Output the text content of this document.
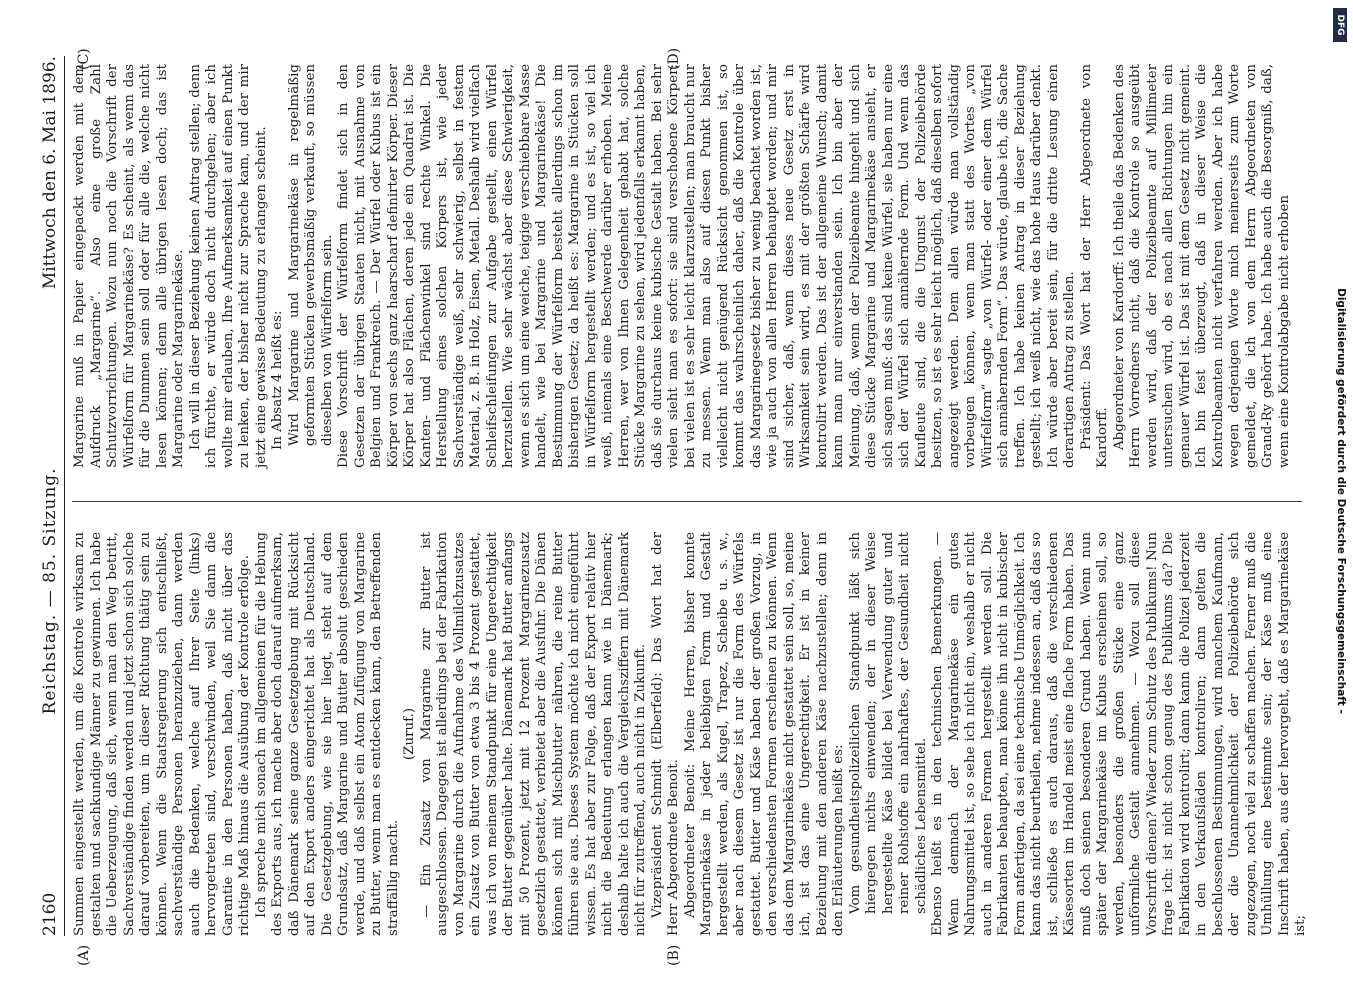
2160
Reichstag. — 85. Sitzung.
Mittwoch den 6. Mai 1896.
(A)	(B)
(C)	(D)

Summen eingestellt werden, um die Kontrole wirksam zu gestalten und sachkundige Männer zu gewinnen. Ich habe die Ueberzeugung, daß sich, wenn man den Weg betritt, Sachverständige finden werden und jetzt schon sich solche darauf vorbereiten, um in dieser Richtung thätig sein zu können. Wenn die Staatsregierung sich entschließt, sachverständige Personen heranzuziehen, dann werden auch die Bedenken, welche auf Ihrer Seite (links) hervorgetreten sind, verschwinden, weil Sie dann die Garantie in den Personen haben, daß nicht über das richtige Maß hinaus die Ausübung der Kontrole erfolge. Ich spreche mich sonach im allgemeinen für die Hebung des Exports aus, ich mache aber doch darauf aufmerksam, daß Dänemark seine ganze Gesetzgebung mit Rücksicht auf den Export anders eingerichtet hat als Deutschland. Die Gesetzgebung, wie sie hier liegt, steht auf dem Grundsatz, daß Margarine und Butter absolut geschieden werde, und daß selbst ein Atom Zufügung von Margarine zu Butter, wenn man es entdecken kann, den Betreffenden straffällig macht.

(Zuruf.) — Ein Zusatz von Margarine zur Butter ist ausgeschlossen. Dagegen ist allerdings bei der Fabrikation von Margarine durch die Aufnahme des Vollmilchzusatzes ein Zusatz von Butter von etwa 3 bis 4 Prozent gestattet, was ich von meinem Standpunkt für eine Ungerechtigkeit der Butter gegenüber halte. Dänemark hat Butter anfangs mit 50 Prozent, jetzt mit 12 Prozent Margarinezusatz gesetzlich gestattet, verbietet aber die Ausfuhr. Die Dänen können sich mit Mischbutter nähren, die reine Butter führen sie aus. Dieses System möchte ich nicht eingeführt wissen. Es hat aber zur Folge, daß der Export relativ hier nicht die Bedeutung erlangen kann wie in Dänemark; deshalb halte ich auch die Vergleichsziffern mit Dänemark nicht für zutreffend, auch nicht in Zukunft. Vizepräsident Schmidt (Elberfeld): Das Wort hat der Herr Abgeordnete Benoit. Abgeordneter Benoit: Meine Herren, bisher konnte Margarinekäse in jeder beliebigen Form und Gestalt hergestellt werden, als Kugel, Trapez, Scheibe u. s. w., aber nach diesem Gesetz ist nur die Form des Würfels gestattet. Butter und Käse haben der großen Vorzug, in den verschiedensten Formen erscheinen zu können. Wenn das dem Margarinekäse nicht gestattet sein soll, so, meine ich, ist das eine Ungerechtigkeit. Er ist in keiner Beziehung mit den anderen Käse nachzustellen; denn in den Erläuterungen heißt es: Vom gesundheitspolizeilichen Standpunkt läßt sich hiergegen nichts einwenden; der in dieser Weise hergestellte Käse bildet bei Verwendung guter und reiner Rohstoffe ein nahrhaftes, der Gesundheit nicht schädliches Lebensmittel. Ebenso heißt es in den technischen Bemerkungen. — Wenn demnach der Margarinekäse ein gutes Nahrungsmittel ist, so sehe ich nicht ein, weshalb er nicht auch in anderen Formen hergestellt werden soll. Die Fabrikanten behaupten, man könne ihn nicht in kubischer Form anfertigen, da sei eine technische Unmöglichkeit. Ich kann das nicht beurtheilen, nehme indessen an, daß das so ist, schließe es auch daraus, daß die verschiedenen Käsesorten im Handel meist eine flache Form haben. Das muß doch seinen besonderen Grund haben. Wenn nun später der Margarinekäse im Kubus erscheinen soll, so werden, besonders die großen Stücke eine ganz unförmliche Gestalt annehmen. — Wozu soll diese Vorschrift dienen? Wieder zum Schutz des Publikums! Nun frage ich: ist nicht schon genug des Publikums da? Die Fabrikation wird kontrolirt; dann kann die Polizei jederzeit in den Verkaufsläden kontroliren; dann gelten die beschlossenen Bestimmungen, wird manchem Kaufmann, der die Unannehmlichkeit der Polizeibehörde sich zugezogen, noch viel zu schaffen machen. Ferner muß die Umhüllung eine bestimmte sein; der Käse muß eine Inschrift haben, aus der hervorgeht, daß es Margarinekäse ist;

Margarine muß in Papier eingepackt werden mit dem Aufdruck „Margarine“. Also eine große Zahl Schutzvorrichtungen. Wozu nun noch die Vorschrift der Würfelform für Margarinekäse? Es scheint, als wenn das für die Dummen sein soll oder für alle die, welche nicht lesen können; denn alle übrigen lesen doch; das ist Margarine oder Margarinekäse. Ich will in dieser Beziehung keinen Antrag stellen; denn ich fürchte, er würde doch nicht durchgehen; aber ich wollte mir erlauben, Ihre Aufmerksamkeit auf einen Punkt zu lenken, der bisher nicht zur Sprache kam, und der mir jetzt eine gewisse Bedeutung zu erlangen scheint. In Absatz 4 heißt es: Wird Margarine und Margarinekäse in regelmäßig geformten Stücken gewerbsmäßig verkauft, so müssen dieselben von Würfelform sein. Diese Vorschrift der Würfelform findet sich in den Gesetzen der übrigen Staaten nicht, mit Ausnahme von Belgien und Frankreich. — Der Würfel oder Kubus ist ein Körper von sechs ganz haarscharf definirter Körper. Dieser Körper hat also Flächen, deren jede ein Quadrat ist. Die Kanten- und Flächenwinkel sind rechte Winkel. Die Herstellung eines solchen Körpers ist, wie jeder Sachverständige weiß, sehr schwierig, selbst in festem Material, z. B. in Holz, Eisen, Metall. Deshalb wird vielfach Schleifschleifungen zur Aufgabe gestellt, einen Würfel herzustellen. Wie sehr wächst aber diese Schwierigkeit, wenn es sich um eine weiche, teigige verschiebbare Masse handelt, wie bei Margarine und Margarinekäse! Die Bestimmung der Würfelform besteht allerdings schon im bisherigen Gesetz; da heißt es: Margarine in Stücken soll in Würfelform hergestellt werden; und es ist, so viel ich weiß, niemals eine Beschwerde darüber erhoben. Meine Herren, wer von Ihnen Gelegenheit gehabt hat, solche Stücke Margarine zu sehen, wird jedenfalls erkannt haben, daß sie durchaus keine kubische Gestalt haben. Bei sehr vielen sieht man es sofort: sie sind verschobene Körper; bei vielen ist es sehr leicht klarzustellen; man braucht nur zu messen. Wenn man also auf diesen Punkt bisher vielleicht nicht genügend Rücksicht genommen ist, so kommt das wahrscheinlich daher, daß die Kontrole über das Margarinegesetz bisher zu wenig beachtet worden ist, wie ja auch von allen Herren behauptet worden; und mir sind sicher, daß, wenn dieses neue Gesetz erst in Wirksamkeit sein wird, es mit der größten Schärfe wird kontrolirt werden. Das ist der allgemeine Wunsch; damit kann man nur einverstanden sein. Ich bin aber der Meinung, daß, wenn der Polizeibeamte hingeht und sich diese Stücke Margarine und Margarinekäse ansieht, er sich sagen muß: das sind keine Würfel, sie haben nur eine sich der Würfel sich annähernde Form. Und wenn das Kaufleute sind, die die Ungunst der Polizeibehörde besitzen, so ist es sehr leicht möglich, daß dieselben sofort angezeigt werden. Dem allen würde man vollständig vorbeugen können, wenn man statt des Wortes „von Würfelform“ sagte „von Würfel- oder einer dem Würfel sich annähernden Form“. Das würde, glaube ich, die Sache treffen. Ich habe keinen Antrag in dieser Beziehung gestellt; ich weiß nicht, wie das hohe Haus darüber denkt. Ich würde aber bereit sein, für die dritte Lesung einen derartigen Antrag zu stellen. Präsident: Das Wort hat der Herr Abgeordnete von Kardorff. Abgeordneter von Kardorff: Ich theile das Bedenken des Herrn Vorredners nicht, daß die Kontrole so ausgeübt werden wird, daß der Polizeibeamte auf Millimeter untersuchen wird, ob es nach allen Richtungen hin ein genauer Würfel ist. Das ist mit dem Gesetz nicht gemeint. Ich bin fest überzeugt, daß in dieser Weise die Kontrolbeamten nicht verfahren werden. Aber ich habe wegen derjenigen Worte mich meinerseits zum Worte gemeldet, die ich von dem Herrn Abgeordneten von Grand-Ry gehört habe. Ich habe auch die Besorgniß, daß, wenn eine Kontrolabgabe nicht erhoben

DFG
Digitalisierung gefördert durch die Deutsche Forschungsgemeinschaft -
